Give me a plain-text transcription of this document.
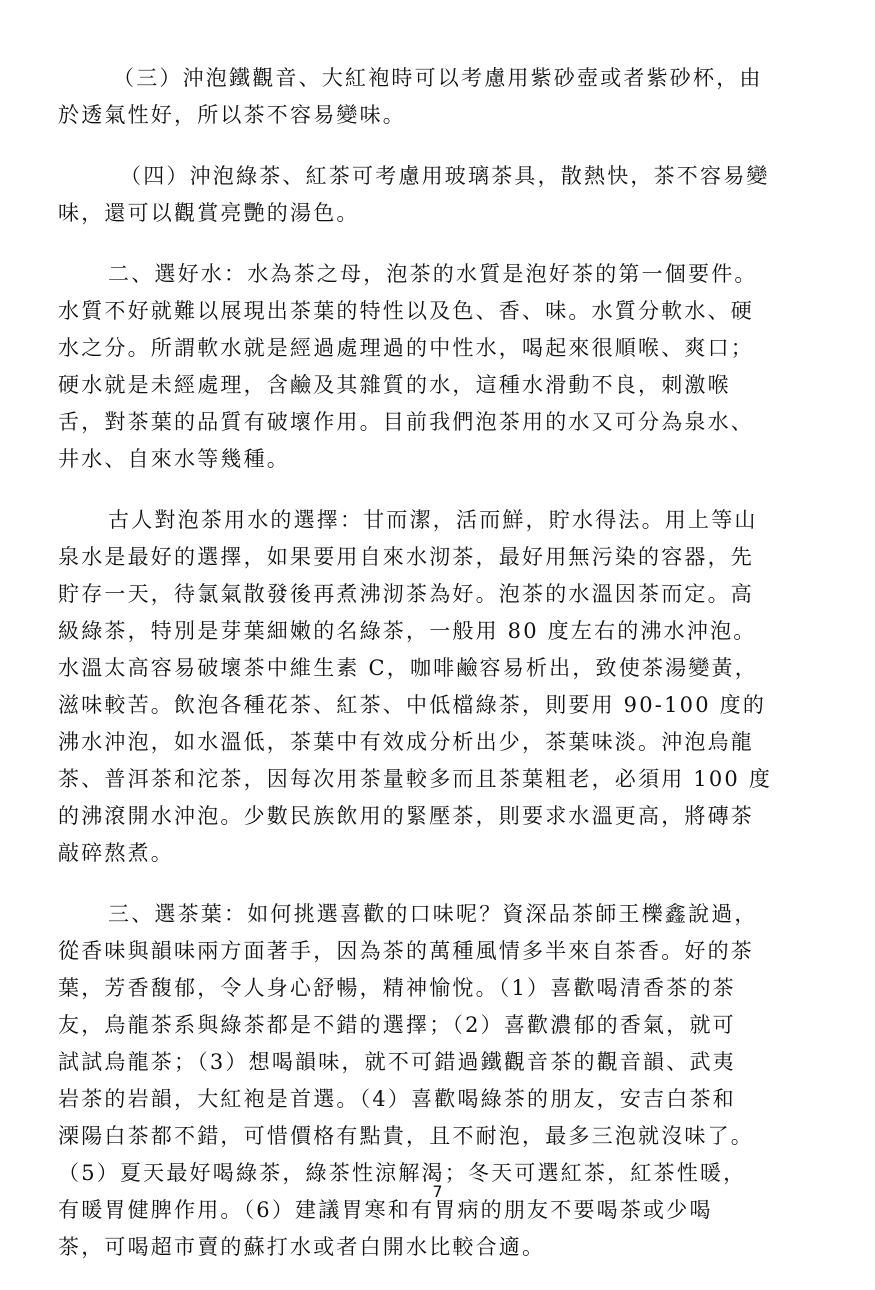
（三）沖泡鐵觀音、大紅袍時可以考慮用紫砂壺或者紫砂杯，由
於透氣性好，所以茶不容易變味。

（四）沖泡綠茶、紅茶可考慮用玻璃茶具，散熱快，茶不容易變
味，還可以觀賞亮艷的湯色。

二、選好水：水為茶之母，泡茶的水質是泡好茶的第一個要件。
水質不好就難以展現出茶葉的特性以及色、香、味。水質分軟水、硬
水之分。所謂軟水就是經過處理過的中性水，喝起來很順喉、爽口；
硬水就是未經處理，含鹼及其雜質的水，這種水滑動不良，刺激喉
舌，對茶葉的品質有破壞作用。目前我們泡茶用的水又可分為泉水、
井水、自來水等幾種。

古人對泡茶用水的選擇：甘而潔，活而鮮，貯水得法。用上等山
泉水是最好的選擇，如果要用自來水沏茶，最好用無污染的容器，先
貯存一天，待氯氣散發後再煮沸沏茶為好。泡茶的水溫因茶而定。高
級綠茶，特別是芽葉細嫩的名綠茶，一般用 80 度左右的沸水沖泡。
水溫太高容易破壞茶中維生素 C，咖啡鹼容易析出，致使茶湯變黃，
滋味較苦。飲泡各種花茶、紅茶、中低檔綠茶，則要用 90-100 度的
沸水沖泡，如水溫低，茶葉中有效成分析出少，茶葉味淡。沖泡烏龍
茶、普洱茶和沱茶，因每次用茶量較多而且茶葉粗老，必須用 100 度
的沸滾開水沖泡。少數民族飲用的緊壓茶，則要求水溫更高，將磚茶
敲碎熬煮。

三、選茶葉：如何挑選喜歡的口味呢？資深品茶師王櫟鑫說過，
從香味與韻味兩方面著手，因為茶的萬種風情多半來自茶香。好的茶
葉，芳香馥郁，令人身心舒暢，精神愉悅。（1）喜歡喝清香茶的茶
友，烏龍茶系與綠茶都是不錯的選擇；（2）喜歡濃郁的香氣，就可
試試烏龍茶；（3）想喝韻味，就不可錯過鐵觀音茶的觀音韻、武夷
岩茶的岩韻，大紅袍是首選。（4）喜歡喝綠茶的朋友，安吉白茶和
溧陽白茶都不錯，可惜價格有點貴，且不耐泡，最多三泡就沒味了。
（5）夏天最好喝綠茶，綠茶性涼解渴；冬天可選紅茶，紅茶性暖，
有暖胃健脾作用。（6）建議胃寒和有胃病的朋友不要喝茶或少喝
茶，可喝超市賣的蘇打水或者白開水比較合適。

7
